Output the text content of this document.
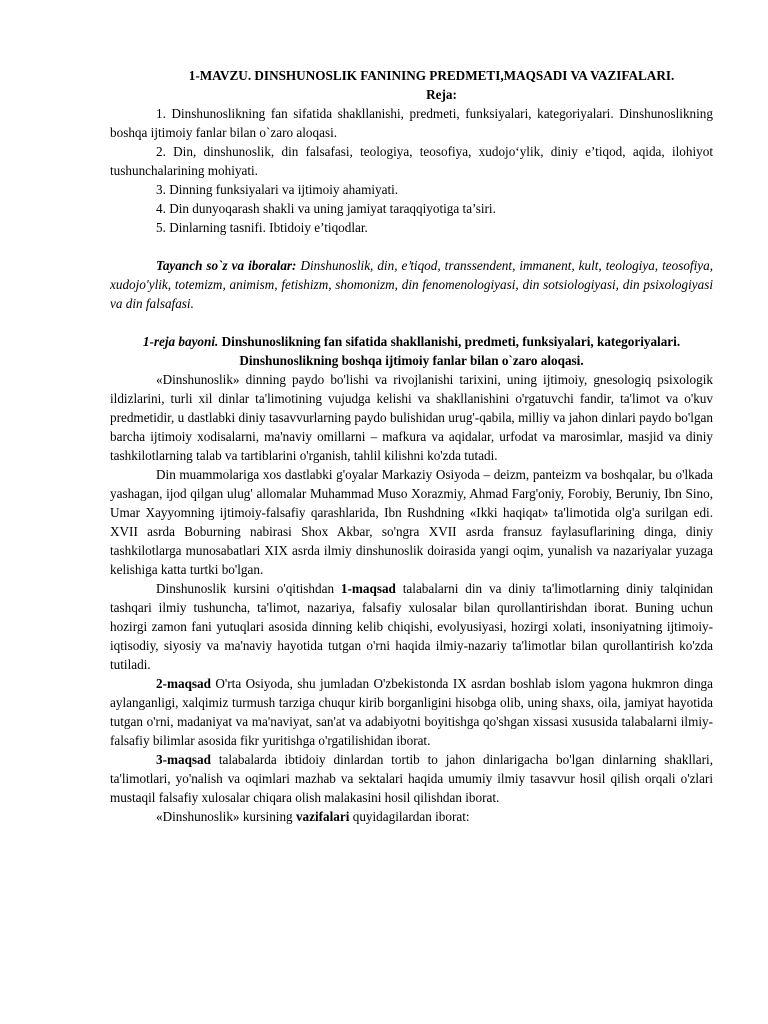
1-MAVZU. DINSHUNOSLIK FANINING PREDMETI,MAQSADI VA VAZIFALARI.
Reja:
1. Dinshunoslikning fan sifatida shakllanishi, predmeti, funksiyalari, kategoriyalari. Dinshunoslikning boshqa ijtimoiy fanlar bilan o`zaro aloqasi.
2. Din, dinshunoslik, din falsafasi, teologiya, teosofiya, xudojo‘ylik, diniy e’tiqod, aqida, ilohiyot tushunchalarining mohiyati.
3. Dinning funksiyalari va ijtimoiy ahamiyati.
4. Din dunyoqarash shakli va uning jamiyat taraqqiyotiga ta’siri.
5. Dinlarning tasnifi. Ibtidoiy e’tiqodlar.
Tayanch so`z va iboralar: Dinshunoslik, din, e’tiqod, transsendent, immanent, kult, teologiya, teosofiya, xudojo'ylik, totemizm, animism, fetishizm, shomonizm, din fenomenologiyasi, din sotsiologiyasi, din psixologiyasi va din falsafasi.
1-reja bayoni. Dinshunoslikning fan sifatida shakllanishi, predmeti, funksiyalari, kategoriyalari. Dinshunoslikning boshqa ijtimoiy fanlar bilan o`zaro aloqasi.
«Dinshunoslik» dinning paydo bo'lishi va rivojlanishi tarixini, uning ijtimoiy, gnesologiq psixologik ildizlarini, turli xil dinlar ta'limotining vujudga kelishi va shakllanishini o'rgatuvchi fandir, ta'limot va o'kuv predmetidir, u dastlabki diniy tasavvurlarning paydo bulishidan urug'-qabila, milliy va jahon dinlari paydo bo'lgan barcha ijtimoiy xodisalarni, ma'naviy omillarni – mafkura va aqidalar, urfodat va marosimlar, masjid va diniy tashkilotlarning talab va tartiblarini o'rganish, tahlil kilishni ko'zda tutadi.
Din muammolariga xos dastlabki g'oyalar Markaziy Osiyoda – deizm, panteizm va boshqalar, bu o'lkada yashagan, ijod qilgan ulug' allomalar Muhammad Muso Xorazmiy, Ahmad Farg'oniy, Forobiy, Beruniy, Ibn Sino, Umar Xayyomning ijtimoiy-falsafiy qarashlarida, Ibn Rushdning «Ikki haqiqat» ta'limotida olg'a surilgan edi. XVII asrda Boburning nabirasi Shox Akbar, so'ngra XVII asrda fransuz faylasuflarining dinga, diniy tashkilotlarga munosabatlari XIX asrda ilmiy dinshunoslik doirasida yangi oqim, yunalish va nazariyalar yuzaga kelishiga katta turtki bo'lgan.
Dinshunoslik kursini o'qitishdan 1-maqsad talabalarni din va diniy ta'limotlarning diniy talqinidan tashqari ilmiy tushuncha, ta'limot, nazariya, falsafiy xulosalar bilan qurollantirishdan iborat. Buning uchun hozirgi zamon fani yutuqlari asosida dinning kelib chiqishi, evolyusiyasi, hozirgi xolati, insoniyatning ijtimoiy-iqtisodiy, siyosiy va ma'naviy hayotida tutgan o'rni haqida ilmiy-nazariy ta'limotlar bilan qurollantirish ko'zda tutiladi.
2-maqsad O'rta Osiyoda, shu jumladan O'zbekistonda IX asrdan boshlab islom yagona hukmron dinga aylanganligi, xalqimiz turmush tarziga chuqur kirib borganligini hisobga olib, uning shaxs, oila, jamiyat hayotida tutgan o'rni, madaniyat va ma'naviyat, san'at va adabiyotni boyitishga qo'shgan xissasi xususida talabalarni ilmiy-falsafiy bilimlar asosida fikr yuritishga o'rgatilishidan iborat.
3-maqsad talabalarda ibtidoiy dinlardan tortib to jahon dinlarigacha bo'lgan dinlarning shakllari, ta'limotlari, yo'nalish va oqimlari mazhab va sektalari haqida umumiy ilmiy tasavvur hosil qilish orqali o'zlari mustaqil falsafiy xulosalar chiqara olish malakasini hosil qilishdan iborat.
«Dinshunoslik» kursining vazifalari quyidagilardan iborat:
